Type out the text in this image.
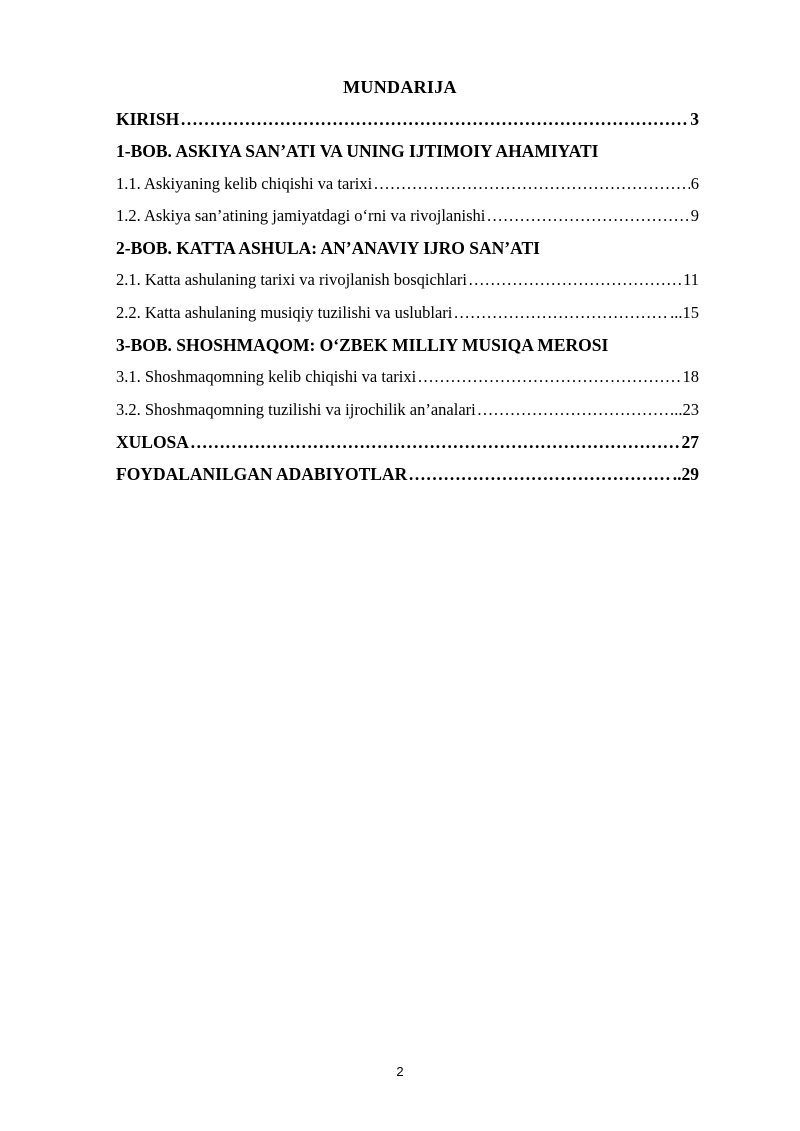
MUNDARIJA
KIRISH …………………………………………………………………………………………………………………………………………………………………………………………………………	3
1-BOB. ASKIYA SAN’ATI VA UNING IJTIMOIY AHAMIYATI
1.1. Askiyaning kelib chiqishi va tarixi …………………………………………………………………………………………………………………………………………………………………………………………………………	6
1.2. Askiya san’atining jamiyatdagi o‘rni va rivojlanishi …………………………………………………………………………………………………………………………………………………………………………………………………………	9
2-BOB. KATTA ASHULA: AN’ANAVIY IJRO SAN’ATI
2.1. Katta ashulaning tarixi va rivojlanish bosqichlari …………………………………………………………………………………………………………………………………………………………………………………………………………	11
2.2. Katta ashulaning musiqiy tuzilishi va uslublari …………………………………………………………………………………………………………………………………………………………………………………………………………	...15
3-BOB. SHOSHMAQOM: O‘ZBEK MILLIY MUSIQA MEROSI
3.1. Shoshmaqomning kelib chiqishi va tarixi …………………………………………………………………………………………………………………………………………………………………………………………………………	18
3.2. Shoshmaqomning tuzilishi va ijrochilik an’analari …………………………………………………………………………………………………………………………………………………………………………………………………………	..23
XULOSA …………………………………………………………………………………………………………………………………………………………………………………………………………	27
FOYDALANILGAN ADABIYOTLAR …………………………………………………………………………………………………………………………………………………………………………………………………………	..29
2
